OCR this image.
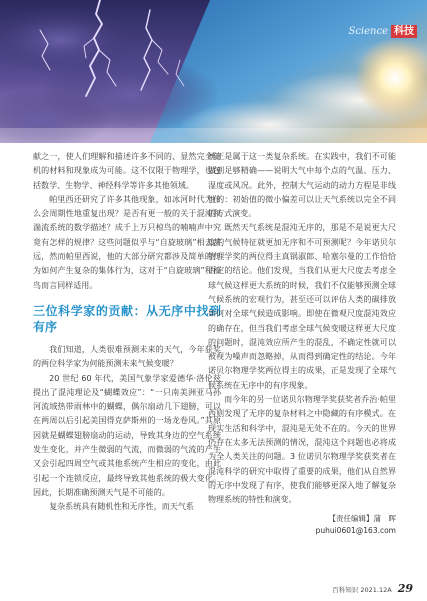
Science 科技

献之一，使人们理解和描述许多不同的、显然完全随机的材料和现象成为可能。这不仅限于物理学，也包括数学、生物学、神经科学等许多其他领域。

帕里西还研究了许多其他现象，如冰河时代为什么会周期性地重复出现？是否有更一般的关于混沌和湍流系统的数学描述？成千上万只椋鸟的喃喃声中究竟有怎样的规律？这些问题似乎与“自旋玻璃”相去甚远，然而帕里西说，他的大部分研究都涉及简单的行为如何产生复杂的集体行为，这对于“自旋玻璃”和椋鸟而言同样适用。

三位科学家的贡献：从无序中找到有序

我们知道，人类很难预测未来的天气，今年获奖的两位科学家为何能预测未来气候变暖？

20 世纪 60 年代，美国气象学家爱德华·洛伦兹提出了混沌理论及“蝴蝶效应”：“一只南美洲亚马孙河流域热带雨林中的蝴蝶，偶尔扇动几下翅膀，可以在两周以后引起美国得克萨斯州的一场龙卷风。”其原因就是蝴蝶翅膀扇动的运动，导致其身边的空气系统发生变化，并产生微弱的气流，而微弱的气流的产生又会引起四周空气或其他系统产生相应的变化，由此引起一个连锁反应，最终导致其他系统的极大变化。因此，长期准确预测天气是不可能的。

复杂系统具有随机性和无序性，而天气系

统正是属于这一类复杂系统。在实践中，我们不可能做到足够精确——说明大气中每个点的气温、压力、湿度或风况。此外，控制大气运动的动力方程是非线性的：初始值的微小偏差可以让天气系统以完全不同的方式演变。

既然天气系统是混沌无序的，那是不是说更大尺度的气候特征就更加无序和不可预测呢？今年诺贝尔物理学奖的两位得主真锅淑郎、哈塞尔曼的工作恰恰否定的结论。他们发现，当我们从更大尺度去考虑全球气候这样更大系统的时候，我们不仅能够预测全球气候系统的宏观行为，甚至还可以评估人类的碳排放如何对全球气候造成影响。即使在微观尺度混沌效应的确存在，但当我们考虑全球气候变暖这样更大尺度的问题时，混沌效应所产生的混乱，不确定性就可以被视为噪声而忽略掉，从而得到确定性的结论。今年诺贝尔物理学奖两位得主的成果，正是发现了全球气候系统在无序中的有序现象。

而今年的另一位诺贝尔物理学奖获奖者乔治·帕里西则发现了无序的复杂材料之中隐藏的有序模式。在现实生活和科学中，混沌是无处不在的。今天的世界仍存在太多无法预测的情况，混沌这个问题也必将成为全人类关注的问题。3 位诺贝尔物理学奖获奖者在混沌科学的研究中取得了重要的成果，他们从自然界的无序中发现了有序，使我们能够更深入地了解复杂物理系统的特性和演变。

【责任编辑】蒲　晖
puhui0601@163.com
百科知识 2021.12A 29
